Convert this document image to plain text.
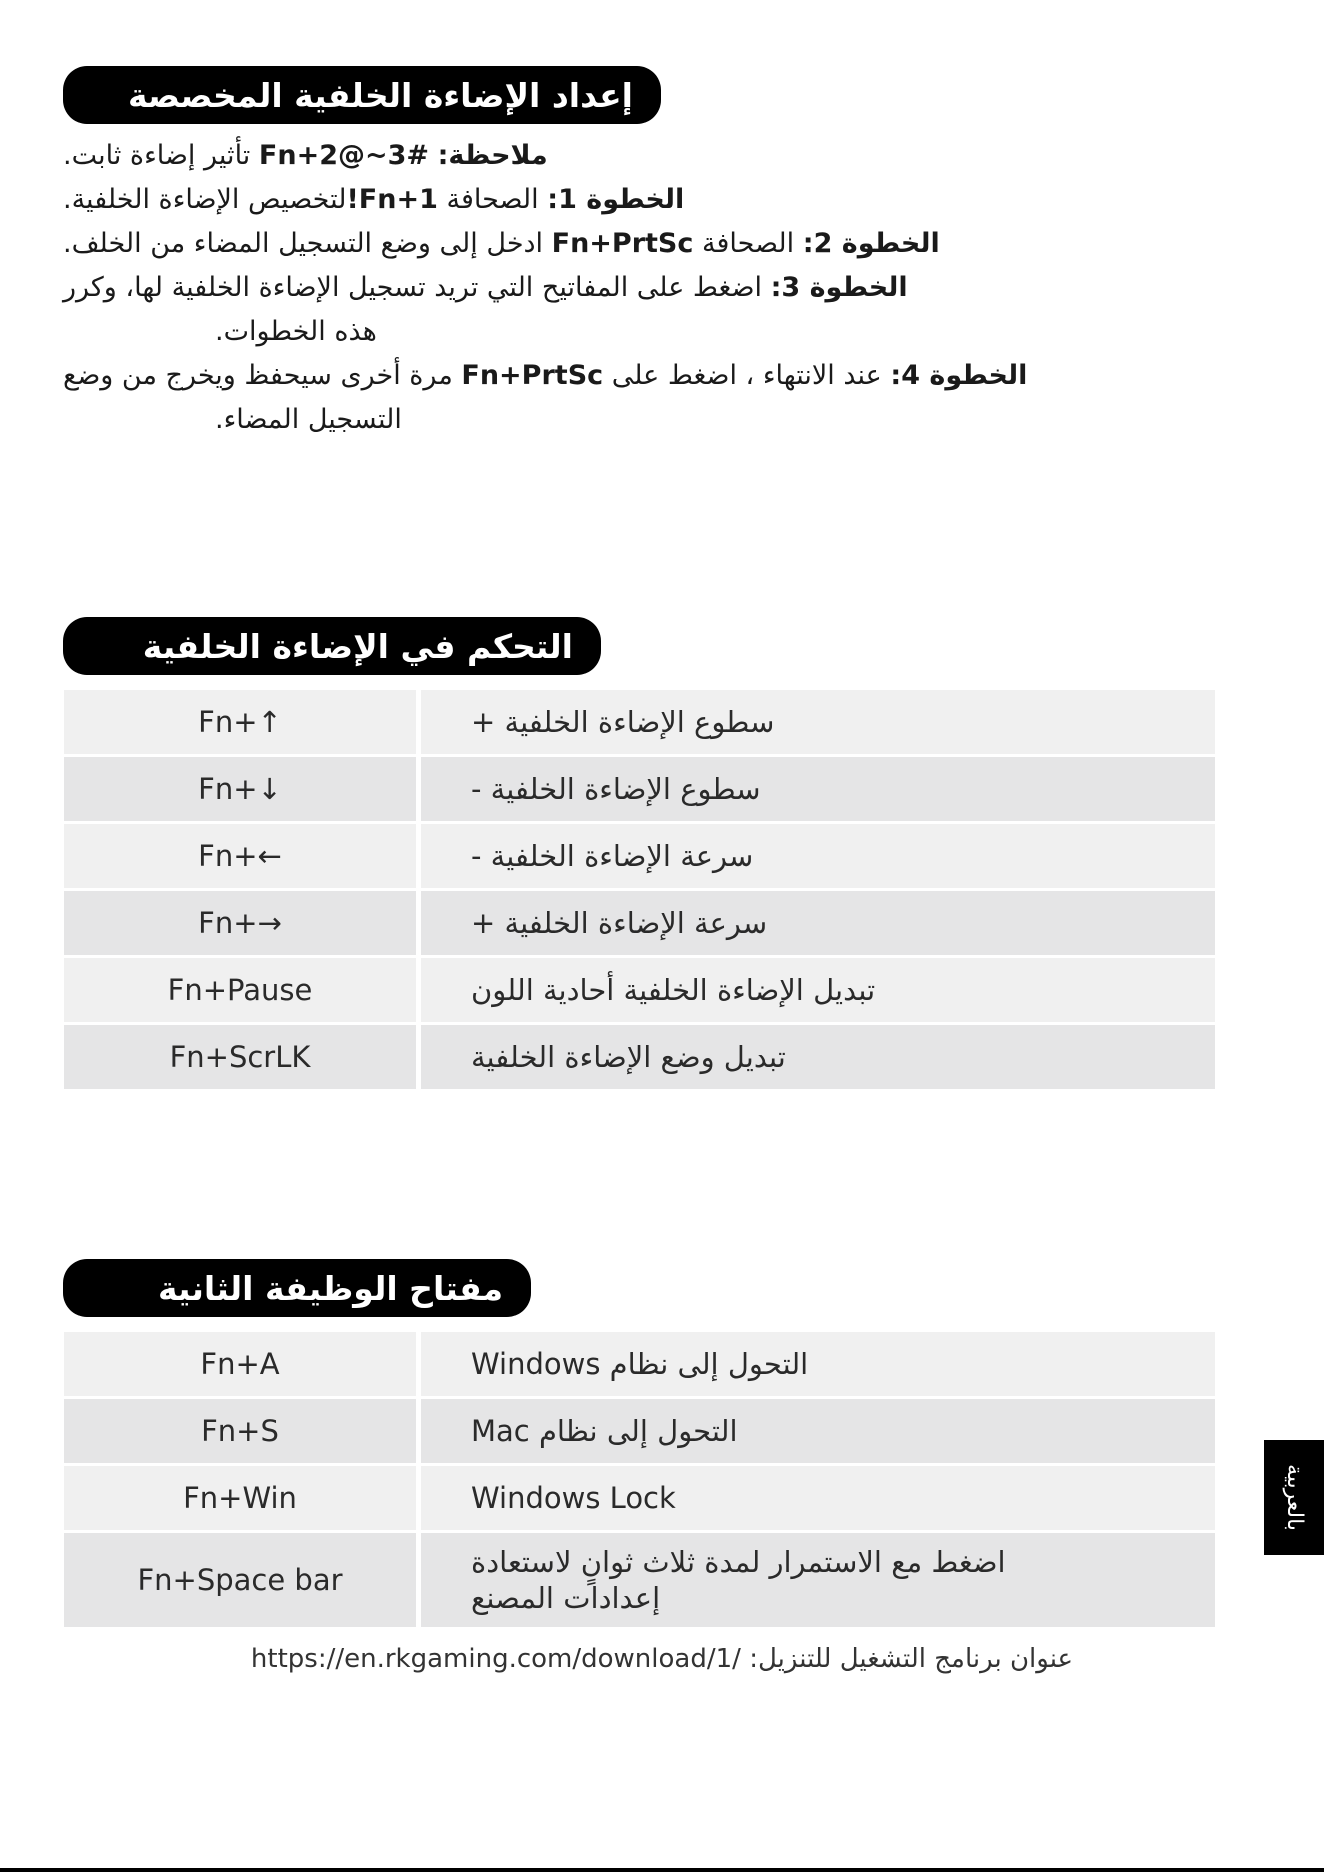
إعداد الإضاءة الخلفية المخصصة
ملاحظة: Fn+2@~3# تأثير إضاءة ثابت.
الخطوة 1: الصحافة Fn+1!لتخصيص الإضاءة الخلفية.
الخطوة 2: الصحافة Fn+PrtSc ادخل إلى وضع التسجيل المضاء من الخلف.
الخطوة 3: اضغط على المفاتيح التي تريد تسجيل الإضاءة الخلفية لها، وكرر
هذه الخطوات.
الخطوة 4: عند الانتهاء ، اضغط على Fn+PrtSc مرة أخرى سيحفظ ويخرج من وضع
التسجيل المضاء.
التحكم في الإضاءة الخلفية
Fn+↑	سطوع الإضاءة الخلفية +
Fn+↓	سطوع الإضاءة الخلفية -
Fn+←	سرعة الإضاءة الخلفية -
Fn+→	سرعة الإضاءة الخلفية +
Fn+Pause	تبديل الإضاءة الخلفية أحادية اللون
Fn+ScrLK	تبديل وضع الإضاءة الخلفية
مفتاح الوظيفة الثانية
Fn+A	التحول إلى نظام Windows
Fn+S	التحول إلى نظام Mac
Fn+Win	Windows Lock
Fn+Space bar	اضغط مع الاستمرار لمدة ثلاث ثوانٍ لاستعادة
إعدادات المصنع
عنوان برنامج التشغيل للتنزيل: https://en.rkgaming.com/download/1/
بالعربية
